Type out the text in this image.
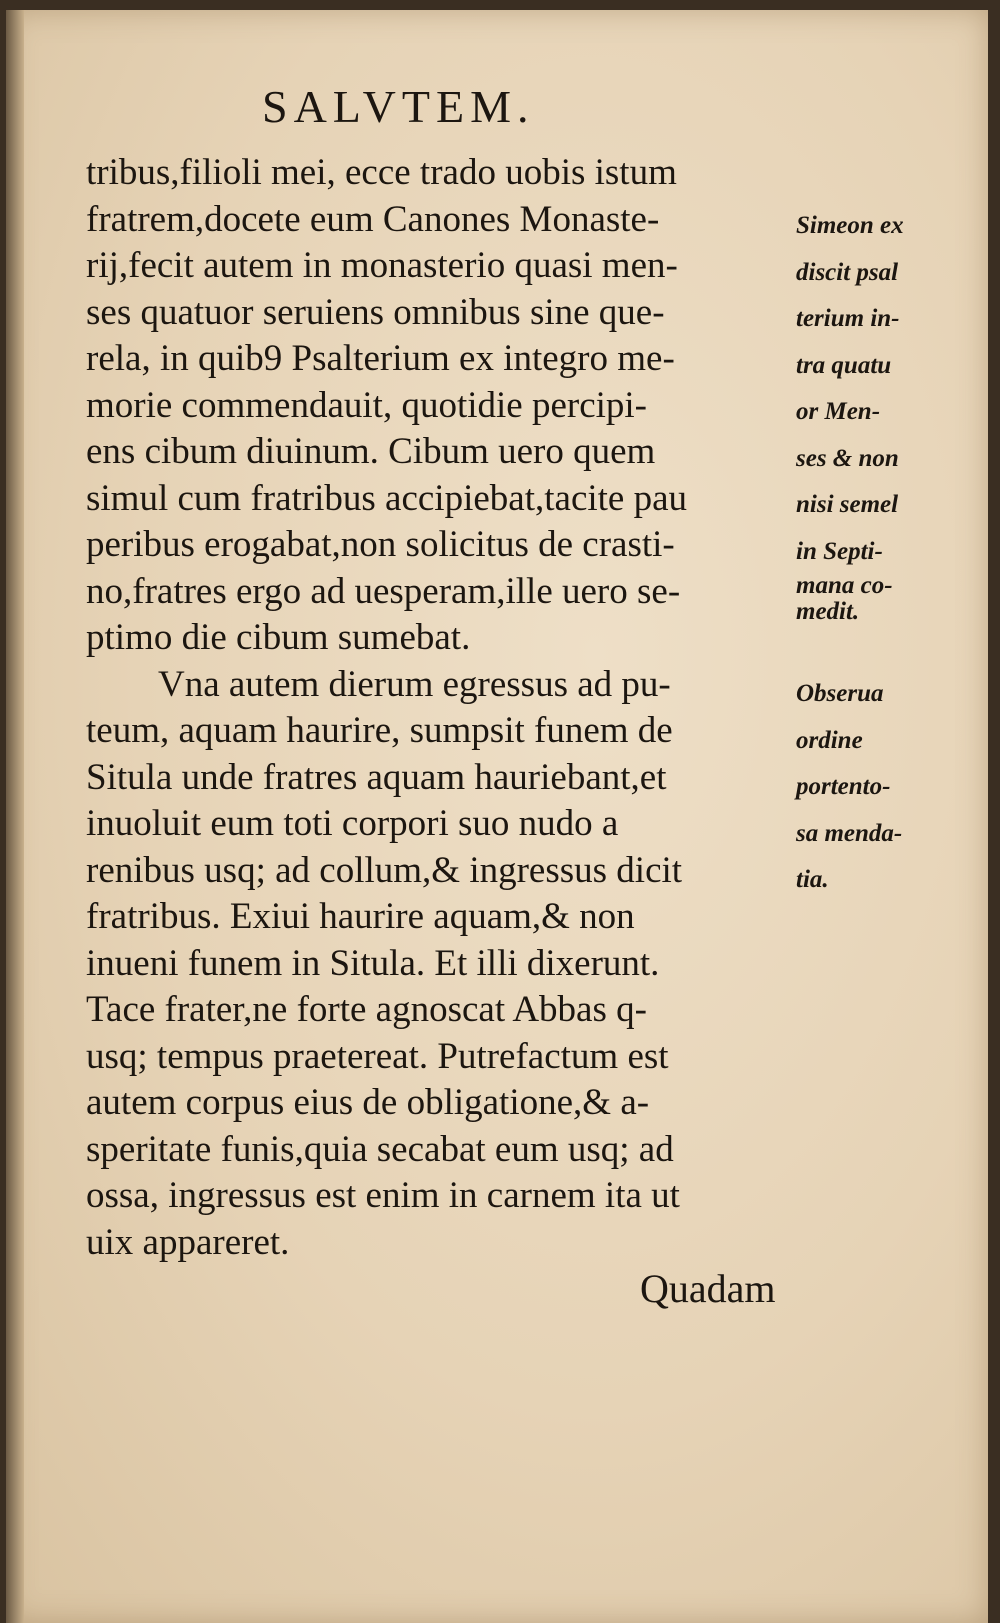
SALVTEM.
tribus,filioli mei, ecce trado uobis istum
fratrem,docete eum Canones Monaste-
rij,fecit autem in monasterio quasi men-
ses quatuor seruiens omnibus sine que-
rela, in quib9 Psalterium ex integro me-
morie commendauit, quotidie percipi-
ens cibum diuinum. Cibum uero quem
simul cum fratribus accipiebat,tacite pau
peribus erogabat,non solicitus de crasti-
no,fratres ergo ad uesperam,ille uero se-
ptimo die cibum sumebat.
Vna autem dierum egressus ad pu-
teum, aquam haurire, sumpsit funem de
Situla unde fratres aquam hauriebant,et
inuoluit eum toti corpori suo nudo a
renibus usq; ad collum,& ingressus dicit
fratribus. Exiui haurire aquam,& non
inueni funem in Situla. Et illi dixerunt.
Tace frater,ne forte agnoscat Abbas q-
usq; tempus praetereat. Putrefactum est
autem corpus eius de obligatione,& a-
speritate funis,quia secabat eum usq; ad
ossa, ingressus est enim in carnem ita ut
uix appareret.
Simeon ex
discit psal
terium in-
tra quatu
or Men-
ses & non
nisi semel
in Septi-
mana co-
medit.
Obserua
ordine
portento-
sa menda-
tia.

Quadam
